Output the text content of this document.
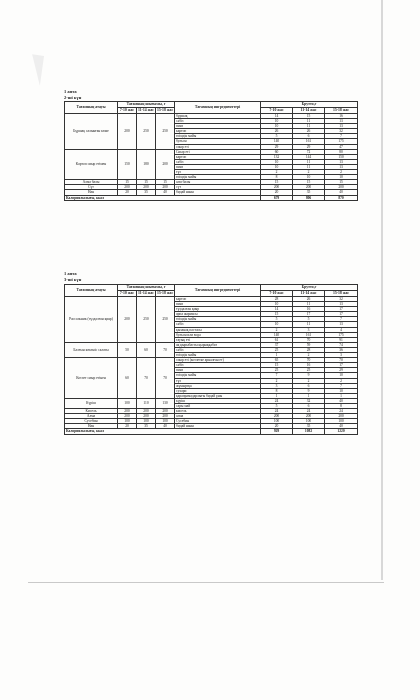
1 апта
2-ші күн
Тағамның атауы	Тағамның шығымы, г			Тағамның ингредиенттері	Брутто,г		
	7-10 жас	11-14 жас	15-18 жас		7-10 жас	11-14 жас	15-18 жас
Бұршақ салынған көже	200	250	250	бұршақ	14	15	16
				сәбіз	10	11	13
				пияз	10	11	13
				картоп	26	26	32
				өсімдік майы	5	6	7
				бульон	140	161	175
				сиыр еті	29	29	47
Картоп сиыр етімен	150	180	200	Сиыр еті	60	72	80
				картоп	132	144	150
				сәбіз	10	11	13
				пияз	10	11	13
				тұз	2	2	2
				өсімдік майы	8	10	10
Алма балы	15	15	15	алм балы	15	15	15
Сүт	200	200	200	сүт	200	200	200
Нан	20	35	40	бидай наны	20	35	40
Калориялылығы, ккал					679	806	870
1 апта
3-ші күн
Тағамның атауы	Тағамның шығымы, г			Тағамның ингредиенттері	Брутто,г		
	7-10 жас	11-14 жас	15-18 жас		7-10 жас	11-14 жас	15-18 жас
Рассольник (тұздалған қияр)	200	250	250	картоп	28	26	32
				пияз	10	11	13
				тұздалған қияр	14	16	17
				арпа жармасы	15	17	17
				өсімдік майы	5	5	7
				сәбіз	10	11	13
				қызанақ пастасы	2	3	4
				бульон или вода	140	161	175
				тауық еті	61	70	91
Балғын көкөніс салаты	50	60	70	ақ қырыбасты қырыққабат	37	59	74
				сәбіз	25	28	36
				өсімдік майы	1	2	3
Котлет сиыр етінен	60	70	70	сиыр еті (котлетке арналған ет)	65	70	70
				сәбіз	15	16	17
				пияз	25	25	29
				өсімдік майы	7	9	10
				тұз	2	2	2
				жұмыртқа	3	6	7
				сухари	8	9	10
				қарапрамадарлығы бидай ұны	1	1	1
Күріш	100	110	130	күріш	24	32	40
				сары май	5	6	8
Кисель	200	200	200	кисель	24	24	24
Алма	200	200	200	алма	200	200	200
Сусебин	100	100	100	Сусебин	100	100	100
Нан	20	35	40	бидай наны	20	35	40
Калориялылығы, ккал					929	1082	1220
